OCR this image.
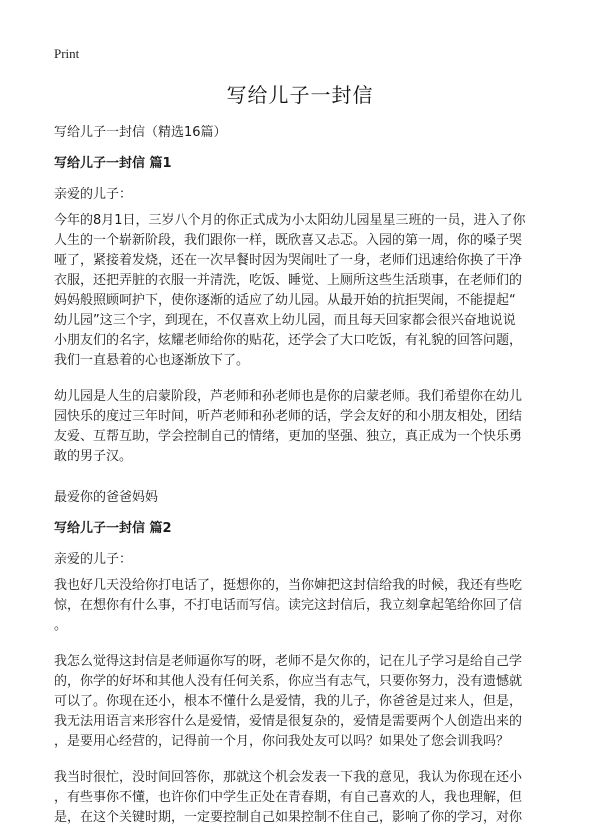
Print
写给儿子一封信
写给儿子一封信（精选16篇）
写给儿子一封信 篇1
亲爱的儿子：
今年的8月1日，三岁八个月的你正式成为小太阳幼儿园星星三班的一员，进入了你
人生的一个崭新阶段，我们跟你一样，既欣喜又忐忑。入园的第一周，你的嗓子哭
哑了，紧接着发烧，还在一次早餐时因为哭闹吐了一身，老师们迅速给你换了干净
衣服，还把弄脏的衣服一并清洗，吃饭、睡觉、上厕所这些生活琐事，在老师们的
妈妈般照顾呵护下，使你逐渐的适应了幼儿园。从最开始的抗拒哭闹，不能提起“
幼儿园”这三个字，到现在，不仅喜欢上幼儿园，而且每天回家都会很兴奋地说说
小朋友们的名字，炫耀老师给你的贴花，还学会了大口吃饭，有礼貌的回答问题，
我们一直悬着的心也逐渐放下了。
幼儿园是人生的启蒙阶段，芦老师和孙老师也是你的启蒙老师。我们希望你在幼儿
园快乐的度过三年时间，听芦老师和孙老师的话，学会友好的和小朋友相处，团结
友爱、互帮互助，学会控制自己的情绪，更加的坚强、独立，真正成为一个快乐勇
敢的男子汉。
最爱你的爸爸妈妈
写给儿子一封信 篇2
亲爱的儿子：
我也好几天没给你打电话了，挺想你的，当你婶把这封信给我的时候，我还有些吃
惊，在想你有什么事，不打电话而写信。读完这封信后，我立刻拿起笔给你回了信
。
我怎么觉得这封信是老师逼你写的呀，老师不是欠你的，记在儿子学习是给自己学
的，你学的好坏和其他人没有任何关系，你应当有志气，只要你努力，没有遗憾就
可以了。你现在还小，根本不懂什么是爱情，我的儿子，你爸爸是过来人，但是，
我无法用语言来形容什么是爱情，爱情是很复杂的，爱情是需要两个人创造出来的
，是要用心经营的，记得前一个月，你问我处友可以吗？如果处了您会训我吗？
我当时很忙，没时间回答你，那就这个机会发表一下我的意见，我认为你现在还小
，有些事你不懂，也许你们中学生正处在青春期，有自己喜欢的人，我也理解，但
是，在这个关键时期，一定要控制自己如果控制不住自己，影响了你的学习，对你
